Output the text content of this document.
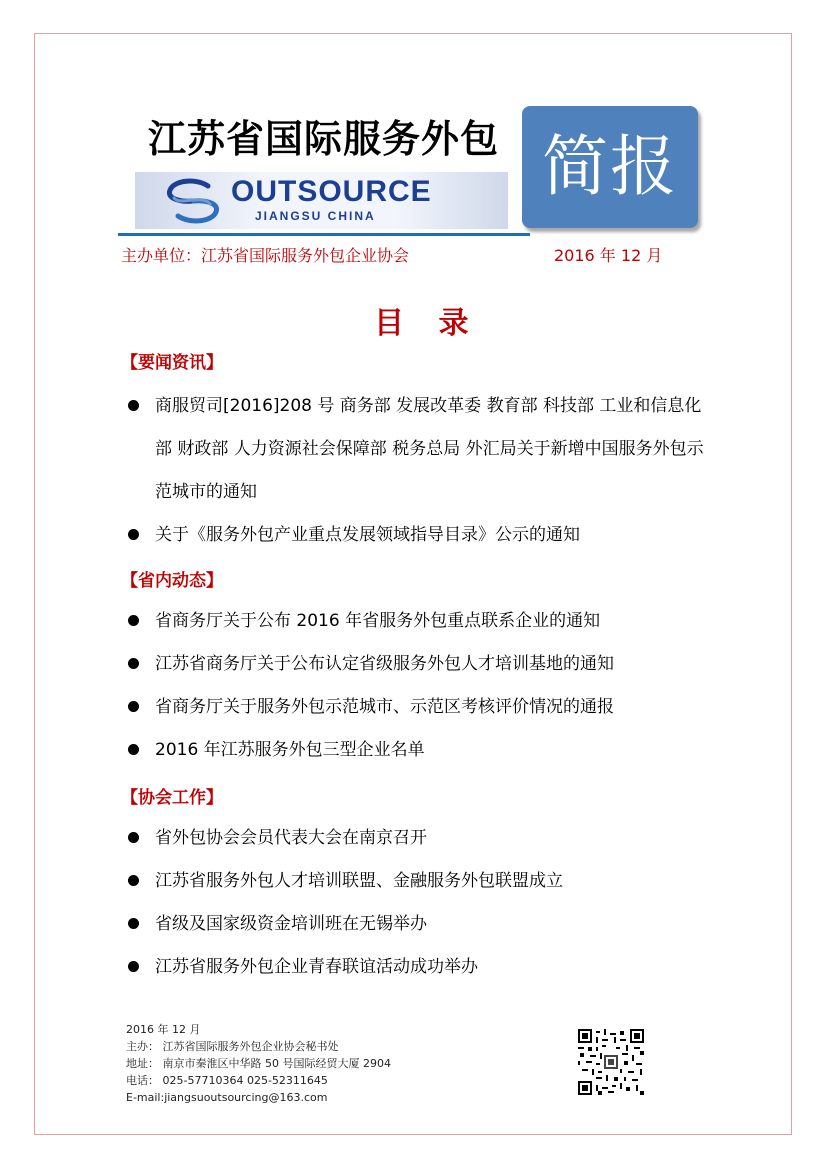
江苏省国际服务外包
OUTSOURCE
JIANGSU CHINA
简报
主办单位：江苏省国际服务外包企业协会	2016 年 12 月
目 录
【要闻资讯】
商服贸司[2016]208 号 商务部 发展改革委 教育部 科技部 工业和信息化部 财政部 人力资源社会保障部 税务总局 外汇局关于新增中国服务外包示范城市的通知
关于《服务外包产业重点发展领域指导目录》公示的通知
【省内动态】
省商务厅关于公布 2016 年省服务外包重点联系企业的通知
江苏省商务厅关于公布认定省级服务外包人才培训基地的通知
省商务厅关于服务外包示范城市、示范区考核评价情况的通报
2016 年江苏服务外包三型企业名单
【协会工作】
省外包协会会员代表大会在南京召开
江苏省服务外包人才培训联盟、金融服务外包联盟成立
省级及国家级资金培训班在无锡举办
江苏省服务外包企业青春联谊活动成功举办
2016 年 12 月
主办： 江苏省国际服务外包企业协会秘书处
地址： 南京市秦淮区中华路 50 号国际经贸大厦 2904
电话： 025-57710364 025-52311645
E-mail:jiangsuoutsourcing@163.com
